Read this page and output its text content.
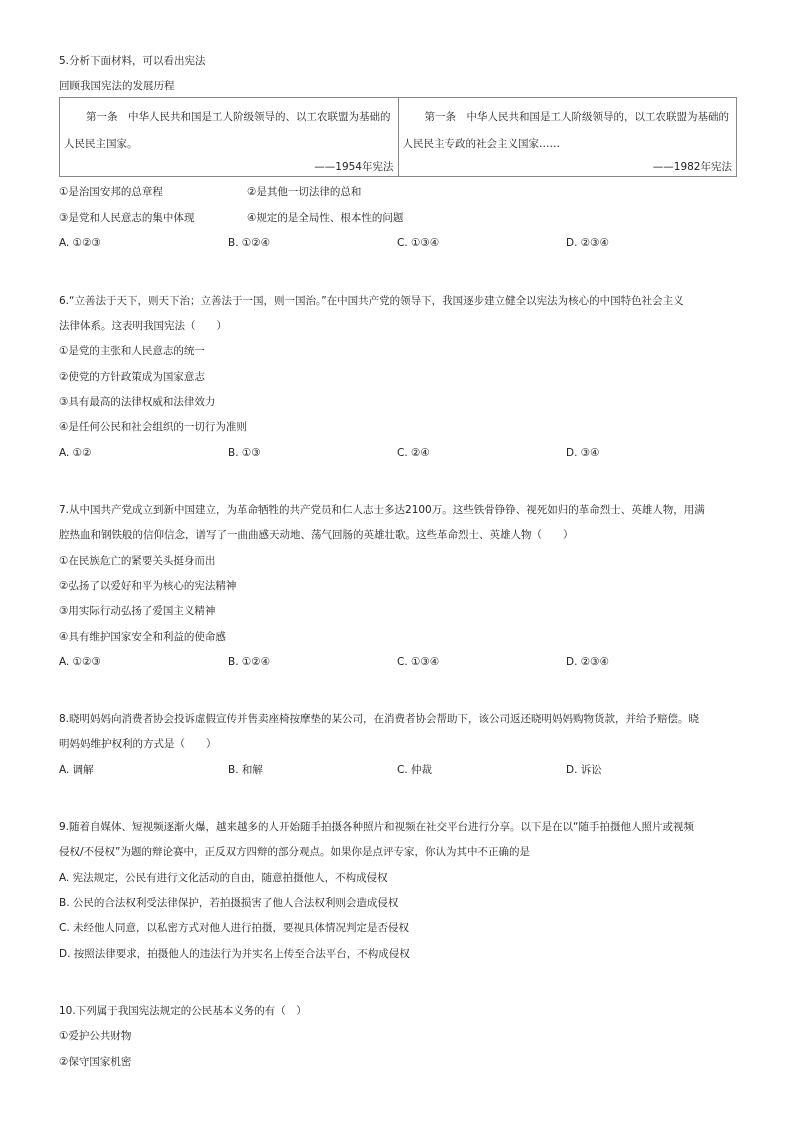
5.分析下面材料，可以看出宪法
回顾我国宪法的发展历程
第一条　中华人民共和国是工人阶级领导的、以工农联盟为基础的人民民主国家。
——1954年宪法

第一条　中华人民共和国是工人阶级领导的，以工农联盟为基础的人民民主专政的社会主义国家……
——1982年宪法
①是治国安邦的总章程	②是其他一切法律的总和
③是党和人民意志的集中体现	④规定的是全局性、根本性的问题
A. ①②③	B. ①②④	C. ①③④	D. ②③④
6.“立善法于天下，则天下治；立善法于一国，则一国治。”在中国共产党的领导下，我国逐步建立健全以宪法为核心的中国特色社会主义
法律体系。这表明我国宪法（　　）
①是党的主张和人民意志的统一
②使党的方针政策成为国家意志
③具有最高的法律权威和法律效力
④是任何公民和社会组织的一切行为准则
A. ①②	B. ①③	C. ②④	D. ③④
7.从中国共产党成立到新中国建立，为革命牺牲的共产党员和仁人志士多达2100万。这些铁骨铮铮、视死如归的革命烈士、英雄人物，用满
腔热血和钢铁般的信仰信念，谱写了一曲曲感天动地、荡气回肠的英雄壮歌。这些革命烈士、英雄人物（　　）
①在民族危亡的紧要关头挺身而出
②弘扬了以爱好和平为核心的宪法精神
③用实际行动弘扬了爱国主义精神
④具有维护国家安全和利益的使命感
A. ①②③	B. ①②④	C. ①③④	D. ②③④
8.晓明妈妈向消费者协会投诉虚假宣传并售卖座椅按摩垫的某公司，在消费者协会帮助下，该公司返还晓明妈妈购物货款，并给予赔偿。晓
明妈妈维护权利的方式是（　　）
A. 调解	B. 和解	C. 仲裁	D. 诉讼
9.随着自媒体、短视频逐渐火爆，越来越多的人开始随手拍摄各种照片和视频在社交平台进行分享。以下是在以“随手拍摄他人照片或视频
侵权/不侵权”为题的辩论赛中，正反双方四辩的部分观点。如果你是点评专家，你认为其中不正确的是
A. 宪法规定，公民有进行文化活动的自由，随意拍摄他人，不构成侵权
B. 公民的合法权利受法律保护，若拍摄损害了他人合法权利则会造成侵权
C. 未经他人同意，以私密方式对他人进行拍摄，要视具体情况判定是否侵权
D. 按照法律要求，拍摄他人的违法行为并实名上传至合法平台，不构成侵权
10.下列属于我国宪法规定的公民基本义务的有（　）
①爱护公共财物
②保守国家机密
